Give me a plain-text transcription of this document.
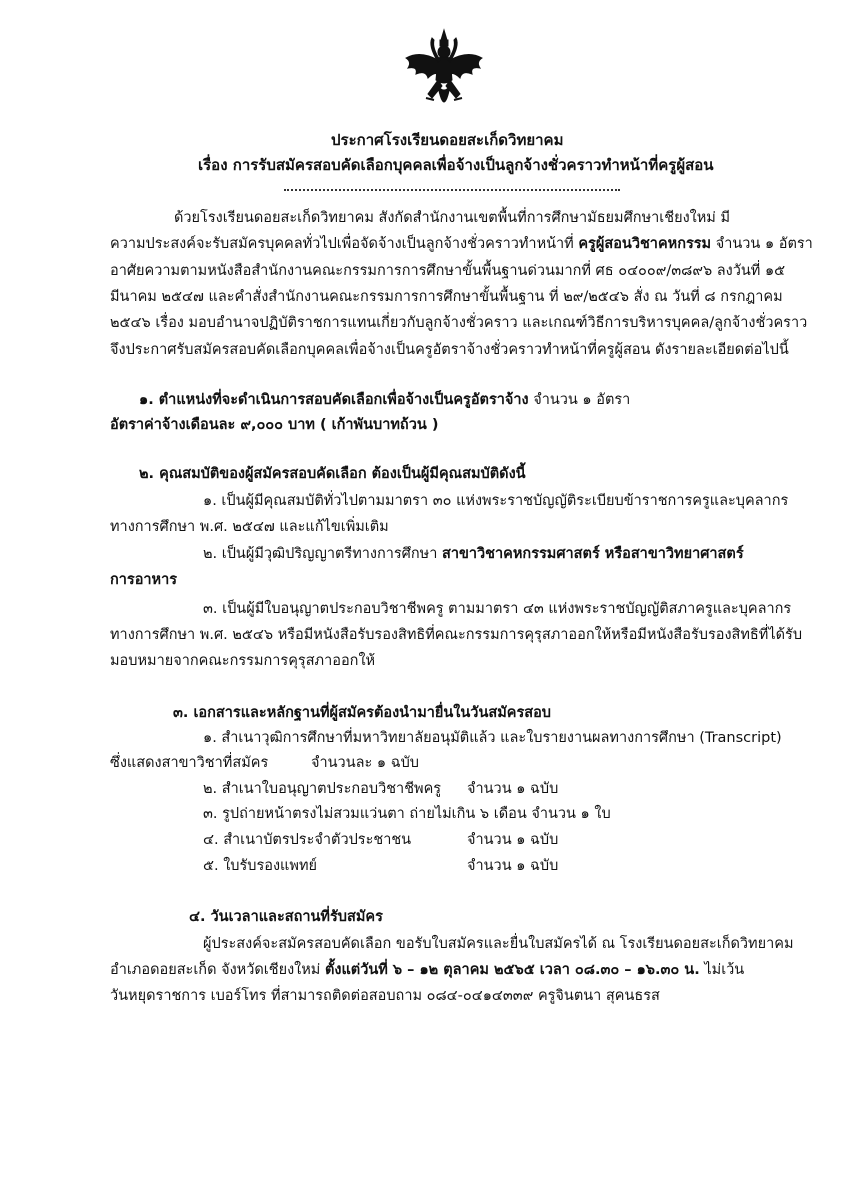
ประกาศโรงเรียนดอยสะเก็ดวิทยาคม
เรื่อง การรับสมัครสอบคัดเลือกบุคคลเพื่อจ้างเป็นลูกจ้างชั่วคราวทำหน้าที่ครูผู้สอน
ด้วยโรงเรียนดอยสะเก็ดวิทยาคม สังกัดสำนักงานเขตพื้นที่การศึกษามัธยมศึกษาเชียงใหม่ มี
ความประสงค์จะรับสมัครบุคคลทั่วไปเพื่อจัดจ้างเป็นลูกจ้างชั่วคราวทำหน้าที่ ครูผู้สอนวิชาคหกรรม จำนวน ๑ อัตรา
อาศัยความตามหนังสือสำนักงานคณะกรรมการการศึกษาขั้นพื้นฐานด่วนมากที่ ศธ ๐๔๐๐๙/๓๘๙๖ ลงวันที่ ๑๕
มีนาคม ๒๕๔๗ และคำสั่งสำนักงานคณะกรรมการการศึกษาขั้นพื้นฐาน ที่ ๒๙/๒๕๔๖ สั่ง ณ วันที่ ๘ กรกฎาคม
๒๕๔๖ เรื่อง มอบอำนาจปฏิบัติราชการแทนเกี่ยวกับลูกจ้างชั่วคราว และเกณฑ์วิธีการบริหารบุคคล/ลูกจ้างชั่วคราว
จึงประกาศรับสมัครสอบคัดเลือกบุคคลเพื่อจ้างเป็นครูอัตราจ้างชั่วคราวทำหน้าที่ครูผู้สอน ดังรายละเอียดต่อไปนี้
๑. ตำแหน่งที่จะดำเนินการสอบคัดเลือกเพื่อจ้างเป็นครูอัตราจ้าง จำนวน ๑ อัตรา
อัตราค่าจ้างเดือนละ ๙,๐๐๐ บาท ( เก้าพันบาทถ้วน )
๒. คุณสมบัติของผู้สมัครสอบคัดเลือก ต้องเป็นผู้มีคุณสมบัติดังนี้
๑. เป็นผู้มีคุณสมบัติทั่วไปตามมาตรา ๓๐ แห่งพระราชบัญญัติระเบียบข้าราชการครูและบุคลากร
ทางการศึกษา พ.ศ. ๒๕๔๗ และแก้ไขเพิ่มเติม
๒. เป็นผู้มีวุฒิปริญญาตรีทางการศึกษา สาขาวิชาคหกรรมศาสตร์ หรือสาขาวิทยาศาสตร์
การอาหาร
๓. เป็นผู้มีใบอนุญาตประกอบวิชาชีพครู ตามมาตรา ๔๓ แห่งพระราชบัญญัติสภาครูและบุคลากร
ทางการศึกษา พ.ศ. ๒๕๔๖ หรือมีหนังสือรับรองสิทธิที่คณะกรรมการคุรุสภาออกให้หรือมีหนังสือรับรองสิทธิที่ได้รับ
มอบหมายจากคณะกรรมการคุรุสภาออกให้
๓. เอกสารและหลักฐานที่ผู้สมัครต้องนำมายื่นในวันสมัครสอบ
๑. สำเนาวุฒิการศึกษาที่มหาวิทยาลัยอนุมัติแล้ว และใบรายงานผลทางการศึกษา (Transcript)
ซึ่งแสดงสาขาวิชาที่สมัคร	จำนวนละ ๑ ฉบับ
๒. สำเนาใบอนุญาตประกอบวิชาชีพครู จำนวน ๑ ฉบับ
๓. รูปถ่ายหน้าตรงไม่สวมแว่นตา ถ่ายไม่เกิน ๖ เดือน จำนวน ๑ ใบ
๔. สำเนาบัตรประจำตัวประชาชน	จำนวน ๑ ฉบับ
๕. ใบรับรองแพทย์	จำนวน ๑ ฉบับ
๔. วันเวลาและสถานที่รับสมัคร
ผู้ประสงค์จะสมัครสอบคัดเลือก ขอรับใบสมัครและยื่นใบสมัครได้ ณ โรงเรียนดอยสะเก็ดวิทยาคม
อำเภอดอยสะเก็ด จังหวัดเชียงใหม่ ตั้งแต่วันที่ ๖ – ๑๒ ตุลาคม ๒๕๖๕ เวลา ๐๘.๓๐ – ๑๖.๓๐ น. ไม่เว้น
วันหยุดราชการ เบอร์โทร ที่สามารถติดต่อสอบถาม ๐๘๔-๐๔๑๔๓๓๙ ครูจินตนา สุคนธรส
